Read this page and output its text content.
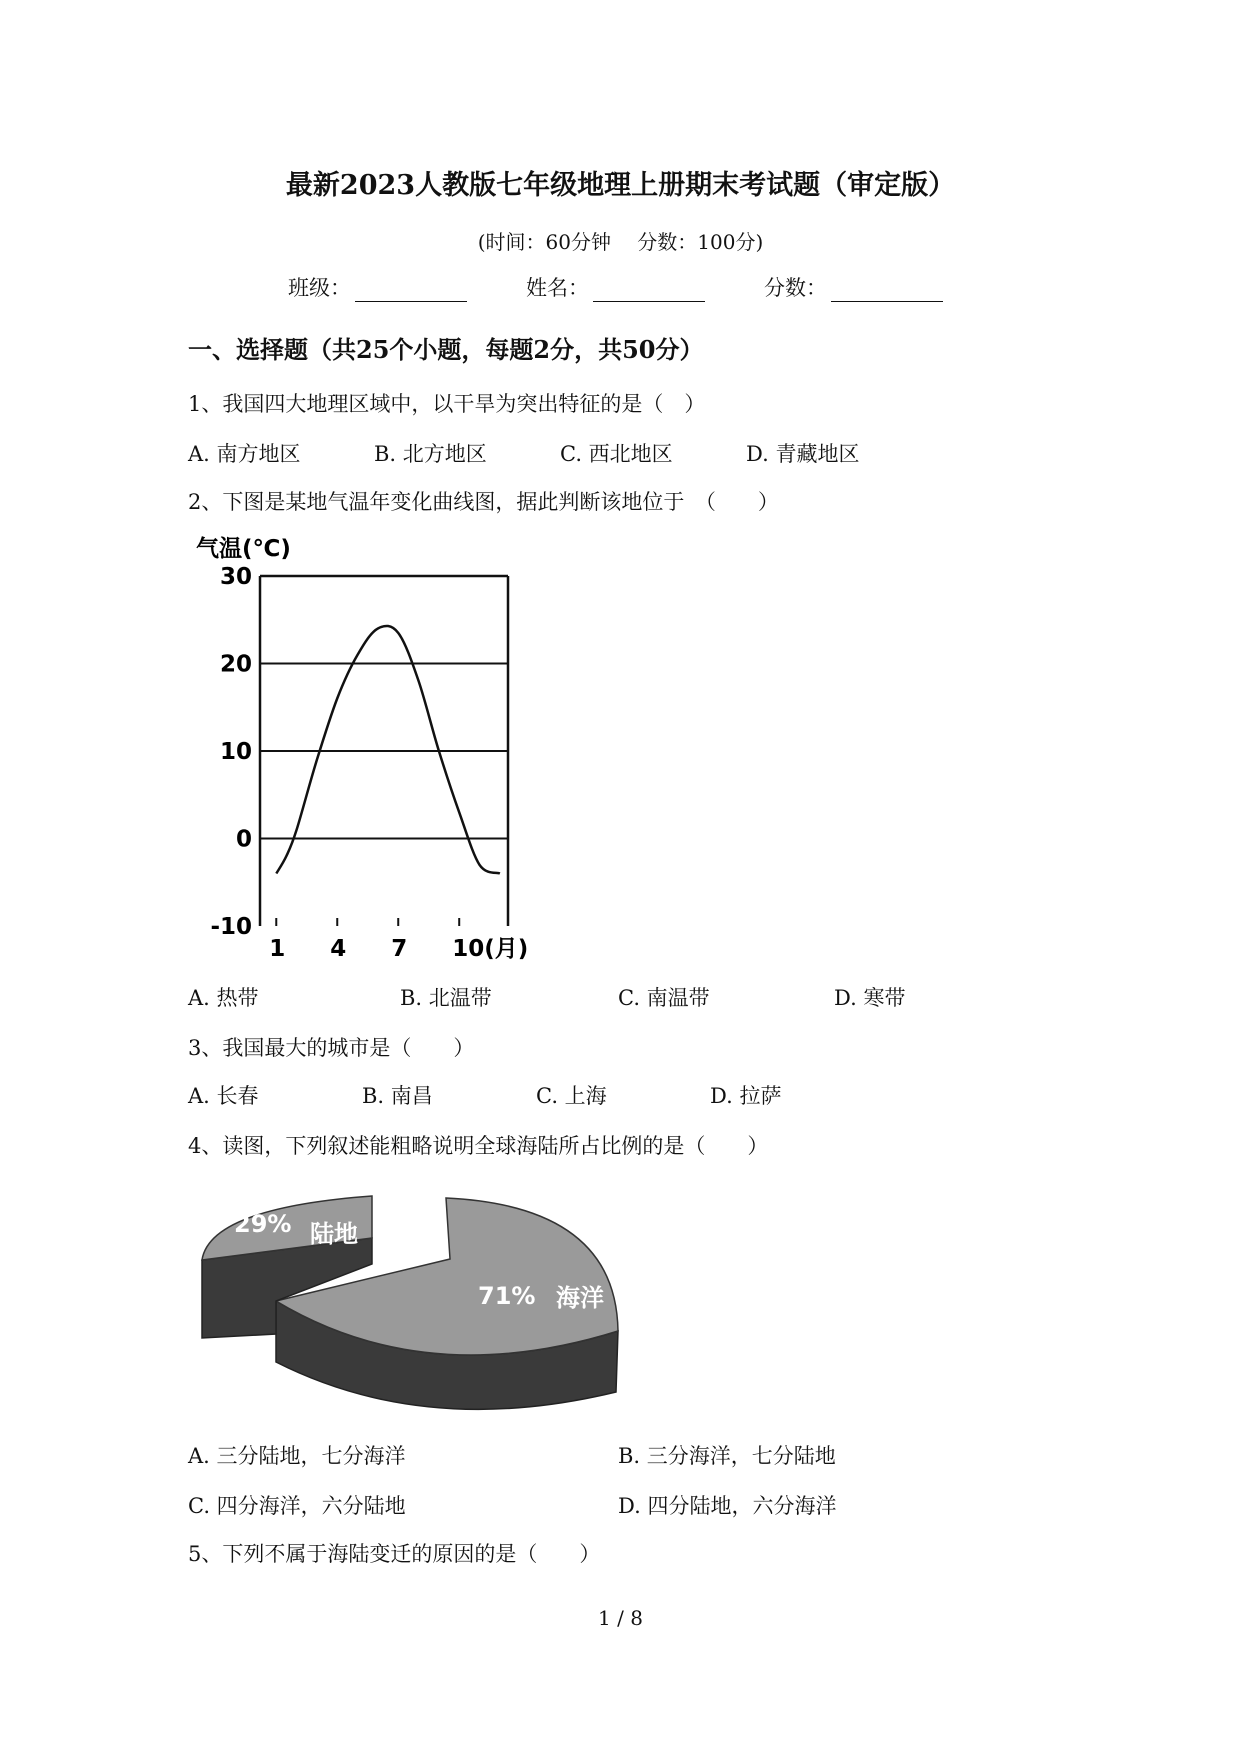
最新2023人教版七年级地理上册期末考试题（审定版）
(时间：60分钟　 分数：100分)
班级：	姓名：	分数：
一、选择题（共25个小题，每题2分，共50分）
1、我国四大地理区域中，以干旱为突出特征的是（　）
A. 南方地区	B. 北方地区	C. 西北地区	D. 青藏地区
2、下图是某地气温年变化曲线图，据此判断该地位于　（　　）
气温(℃)
30
20
10
0
-10
1 4 7 10(月)
A. 热带	B. 北温带	C. 南温带	D. 寒带
3、我国最大的城市是（　　）
A. 长春	B. 南昌	C. 上海	D. 拉萨
4、读图，下列叙述能粗略说明全球海陆所占比例的是（　　）
29% 陆地
71% 海洋
A. 三分陆地，七分海洋	B. 三分海洋，七分陆地
C. 四分海洋，六分陆地	D. 四分陆地，六分海洋
5、下列不属于海陆变迁的原因的是（　　）
1 / 8
